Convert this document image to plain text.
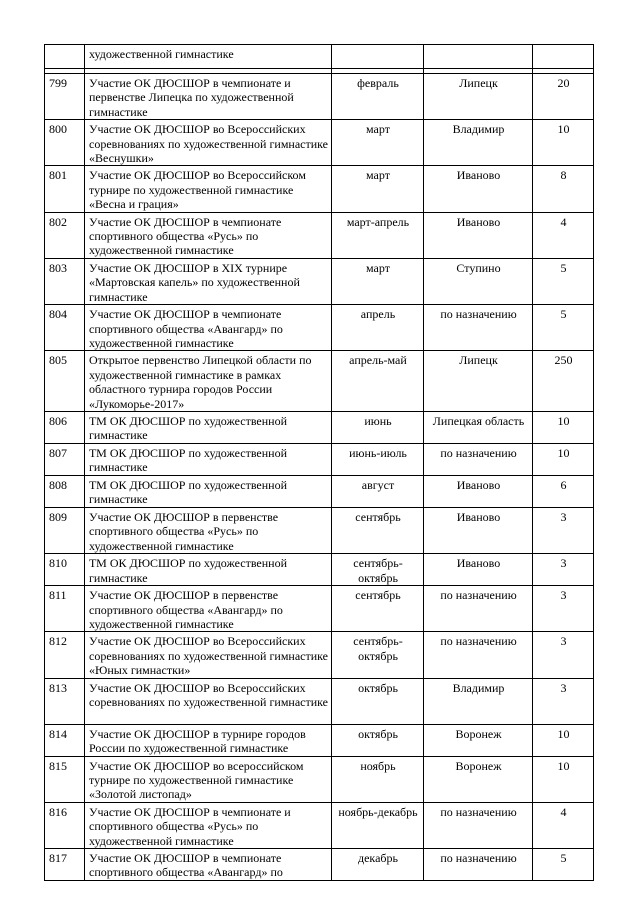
	художественной гимнастике			

799	Участие ОК ДЮСШОР в чемпионате и первенстве Липецка по художественной гимнастике	февраль	Липецк	20
800	Участие ОК ДЮСШОР во Всероссийских соревнованиях по художественной гимнастике «Веснушки»	март	Владимир	10
801	Участие ОК ДЮСШОР во Всероссийском турнире по художественной гимнастике «Весна и грация»	март	Иваново	8
802	Участие ОК ДЮСШОР в чемпионате спортивного общества «Русь» по художественной гимнастике	март-апрель	Иваново	4
803	Участие ОК ДЮСШОР в XIX турнире «Мартовская капель» по художественной гимнастике	март	Ступино	5
804	Участие ОК ДЮСШОР в чемпионате спортивного общества «Авангард» по художественной гимнастике	апрель	по назначению	5
805	Открытое первенство Липецкой области по художественной гимнастике в рамках областного турнира городов России «Лукоморье-2017»	апрель-май	Липецк	250
806	ТМ ОК ДЮСШОР по художественной гимнастике	июнь	Липецкая область	10
807	ТМ ОК ДЮСШОР по художественной гимнастике	июнь-июль	по назначению	10
808	ТМ ОК ДЮСШОР по художественной гимнастике	август	Иваново	6
809	Участие ОК ДЮСШОР в первенстве спортивного общества «Русь» по художественной гимнастике	сентябрь	Иваново	3
810	ТМ ОК ДЮСШОР по художественной гимнастике	сентябрь-октябрь	Иваново	3
811	Участие ОК ДЮСШОР в первенстве спортивного общества «Авангард» по художественной гимнастике	сентябрь	по назначению	3
812	Участие ОК ДЮСШОР во Всероссийских соревнованиях по художественной гимнастике «Юных гимнастки»	сентябрь-октябрь	по назначению	3
813	Участие ОК ДЮСШОР во Всероссийских соревнованиях по художественной гимнастике	октябрь	Владимир	3
814	Участие ОК ДЮСШОР в турнире городов России по художественной гимнастике	октябрь	Воронеж	10
815	Участие ОК ДЮСШОР во всероссийском турнире по художественной гимнастике «Золотой листопад»	ноябрь	Воронеж	10
816	Участие ОК ДЮСШОР в чемпионате и спортивного общества «Русь» по художественной гимнастике	ноябрь-декабрь	по назначению	4
817	Участие ОК ДЮСШОР в чемпионате спортивного общества «Авангард» по	декабрь	по назначению	5
